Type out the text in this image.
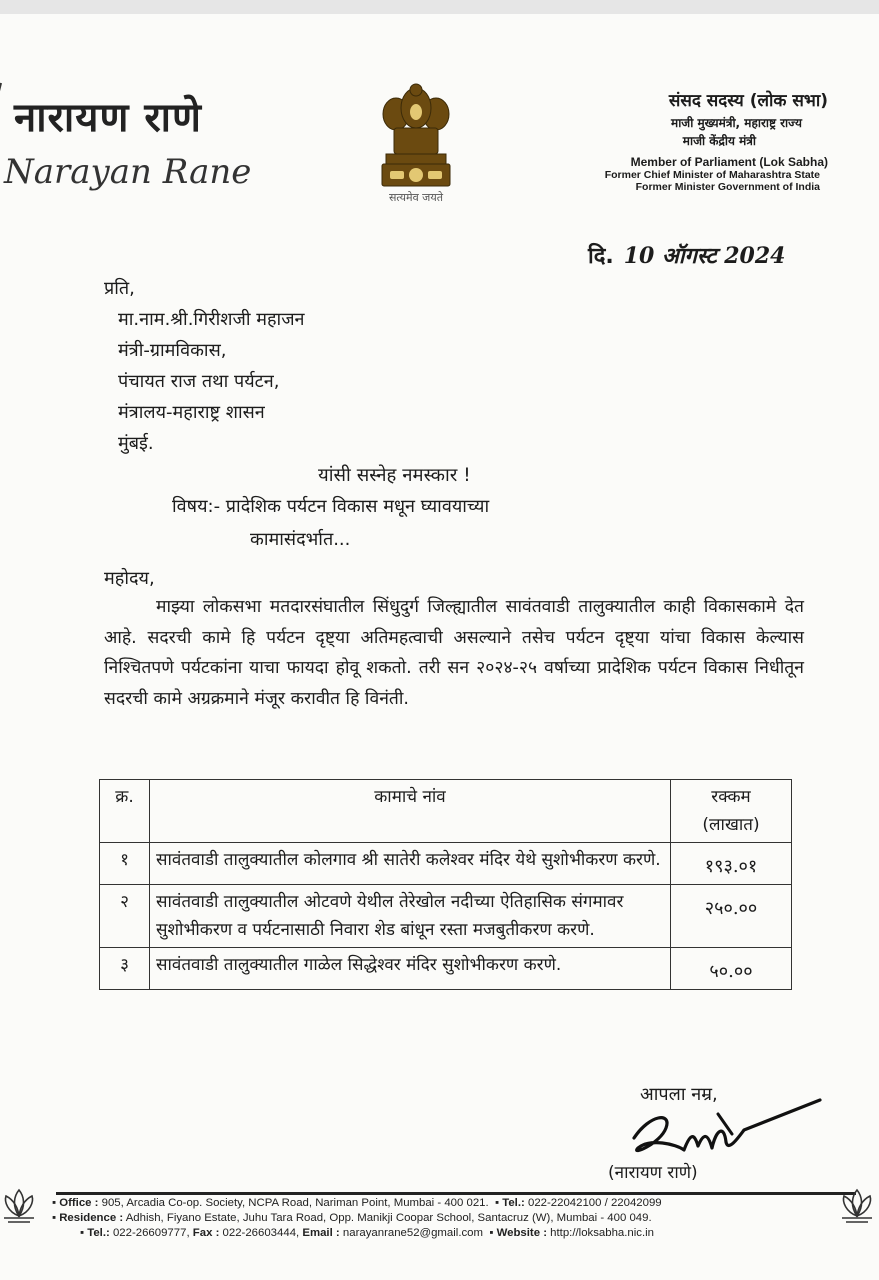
नारायण राणे
Narayan Rane
सत्यमेव जयते
संसद सदस्य (लोक सभा)
माजी मुख्यमंत्री, महाराष्ट्र राज्य
माजी केंद्रीय मंत्री
Member of Parliament (Lok Sabha)
Former Chief Minister of Maharashtra State
Former Minister Government of India
दि. 10 ऑगस्ट 2024
प्रति,
मा.नाम.श्री.गिरीशजी महाजन
मंत्री-ग्रामविकास,
पंचायत राज तथा पर्यटन,
मंत्रालय-महाराष्ट्र शासन
मुंबई.
यांसी सस्नेह नमस्कार !
विषय:- प्रादेशिक पर्यटन विकास मधून घ्यावयाच्या
कामासंदर्भात...
महोदय,
माझ्या लोकसभा मतदारसंघातील सिंधुदुर्ग जिल्ह्यातील सावंतवाडी तालुक्यातील काही विकासकामे देत आहे. सदरची कामे हि पर्यटन दृष्ट्या अतिमहत्वाची असल्याने तसेच पर्यटन दृष्ट्या यांचा विकास केल्यास निश्चितपणे पर्यटकांना याचा फायदा होवू शकतो. तरी सन २०२४-२५ वर्षाच्या प्रादेशिक पर्यटन विकास निधीतून सदरची कामे अग्रक्रमाने मंजूर करावीत हि विनंती.
क्र.	कामाचे नांव	रक्कम
(लाखात)

१	सावंतवाडी तालुक्यातील कोलगाव श्री सातेरी कलेश्वर मंदिर येथे सुशोभीकरण करणे.	१९३.०१
२	सावंतवाडी तालुक्यातील ओटवणे येथील तेरेखोल नदीच्या ऐतिहासिक संगमावर सुशोभीकरण व पर्यटनासाठी निवारा शेड बांधून रस्ता मजबुतीकरण करणे.	२५०.००
३	सावंतवाडी तालुक्यातील गाळेल सिद्धेश्वर मंदिर सुशोभीकरण करणे.	५०.००
आपला नम्र,
(नारायण राणे)
▪ Office : 905, Arcadia Co-op. Society, NCPA Road, Nariman Point, Mumbai - 400 021.  ▪ Tel.: 022-22042100 / 22042099
▪ Residence : Adhish, Fiyano Estate, Juhu Tara Road, Opp. Manikji Coopar School, Santacruz (W), Mumbai - 400 049.
▪ Tel.: 022-26609777, Fax : 022-26603444, Email : narayanrane52@gmail.com  ▪ Website : http://loksabha.nic.in
